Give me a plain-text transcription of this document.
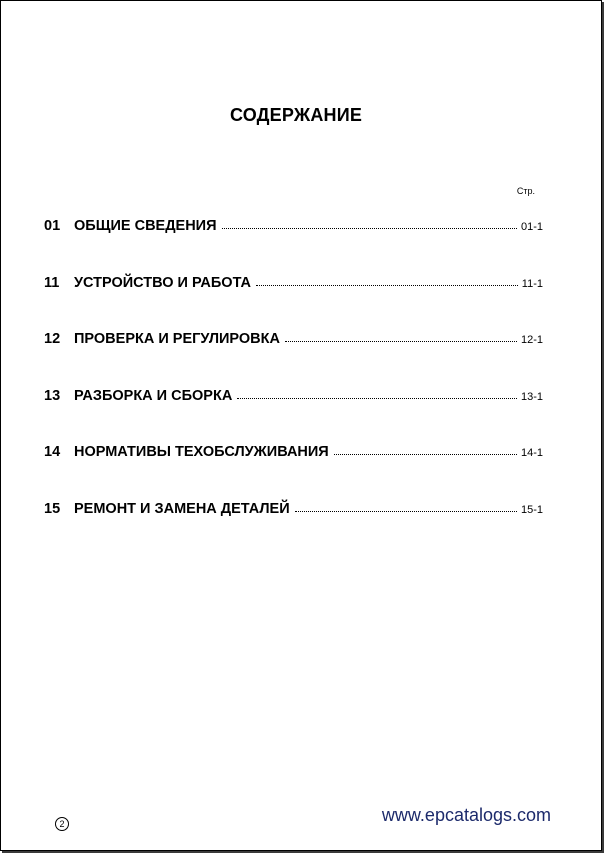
СОДЕРЖАНИЕ
Стр.
01 ОБЩИЕ СВЕДЕНИЯ	01-1
11	УСТРОЙСТВО И РАБОТА	11-1
12 ПРОВЕРКА И РЕГУЛИРОВКА	12-1
13 РАЗБОРКА И СБОРКА	13-1
14 НОРМАТИВЫ ТЕХОБСЛУЖИВАНИЯ	14-1
15 РЕМОНТ И ЗАМЕНА ДЕТАЛЕЙ	15-1
2	www.epcatalogs.com
